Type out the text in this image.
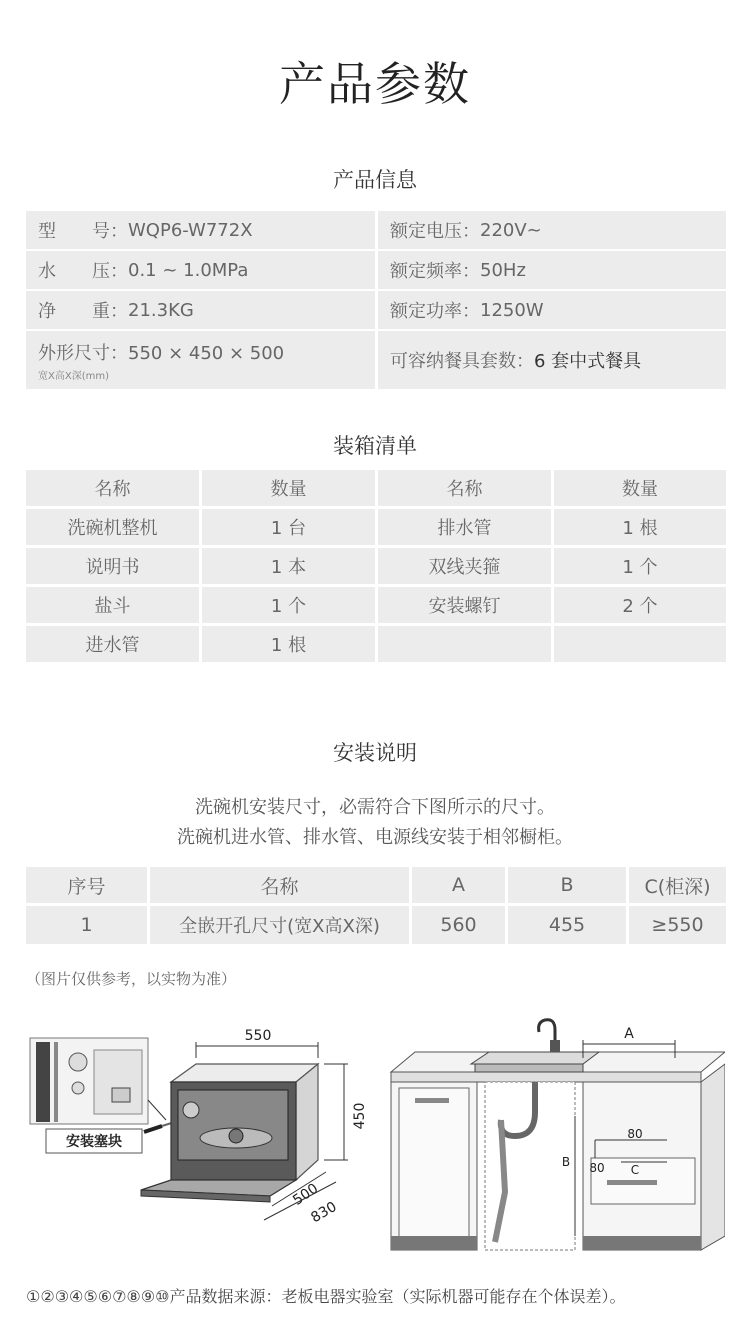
产品参数
产品信息
型　　号： WQP6-W772X	额定电压： 220V~
水　　压： 0.1 ~ 1.0MPa	额定频率： 50Hz
净　　重： 21.3KG	额定功率： 1250W
外形尺寸：550 × 450 × 500
宽X高X深(mm)
可容纳餐具套数： 6 套中式餐具
装箱清单
名称	数量	名称	数量
洗碗机整机	1 台	排水管	1 根
说明书	1 本	双线夹箍	1 个
盐斗	1 个	安装螺钉	2 个
进水管	1 根
安装说明
洗碗机安装尺寸，必需符合下图所示的尺寸。
洗碗机进水管、排水管、电源线安装于相邻橱柜。
序号	名称	A	B	C(柜深)
1	全嵌开孔尺寸(宽X高X深)	560	455	≥550
（图片仅供参考，以实物为准）
安装塞块
550
450
500
830
A
B
C
80
80
①②③④⑤⑥⑦⑧⑨⑩产品数据来源：老板电器实验室（实际机器可能存在个体误差）。
